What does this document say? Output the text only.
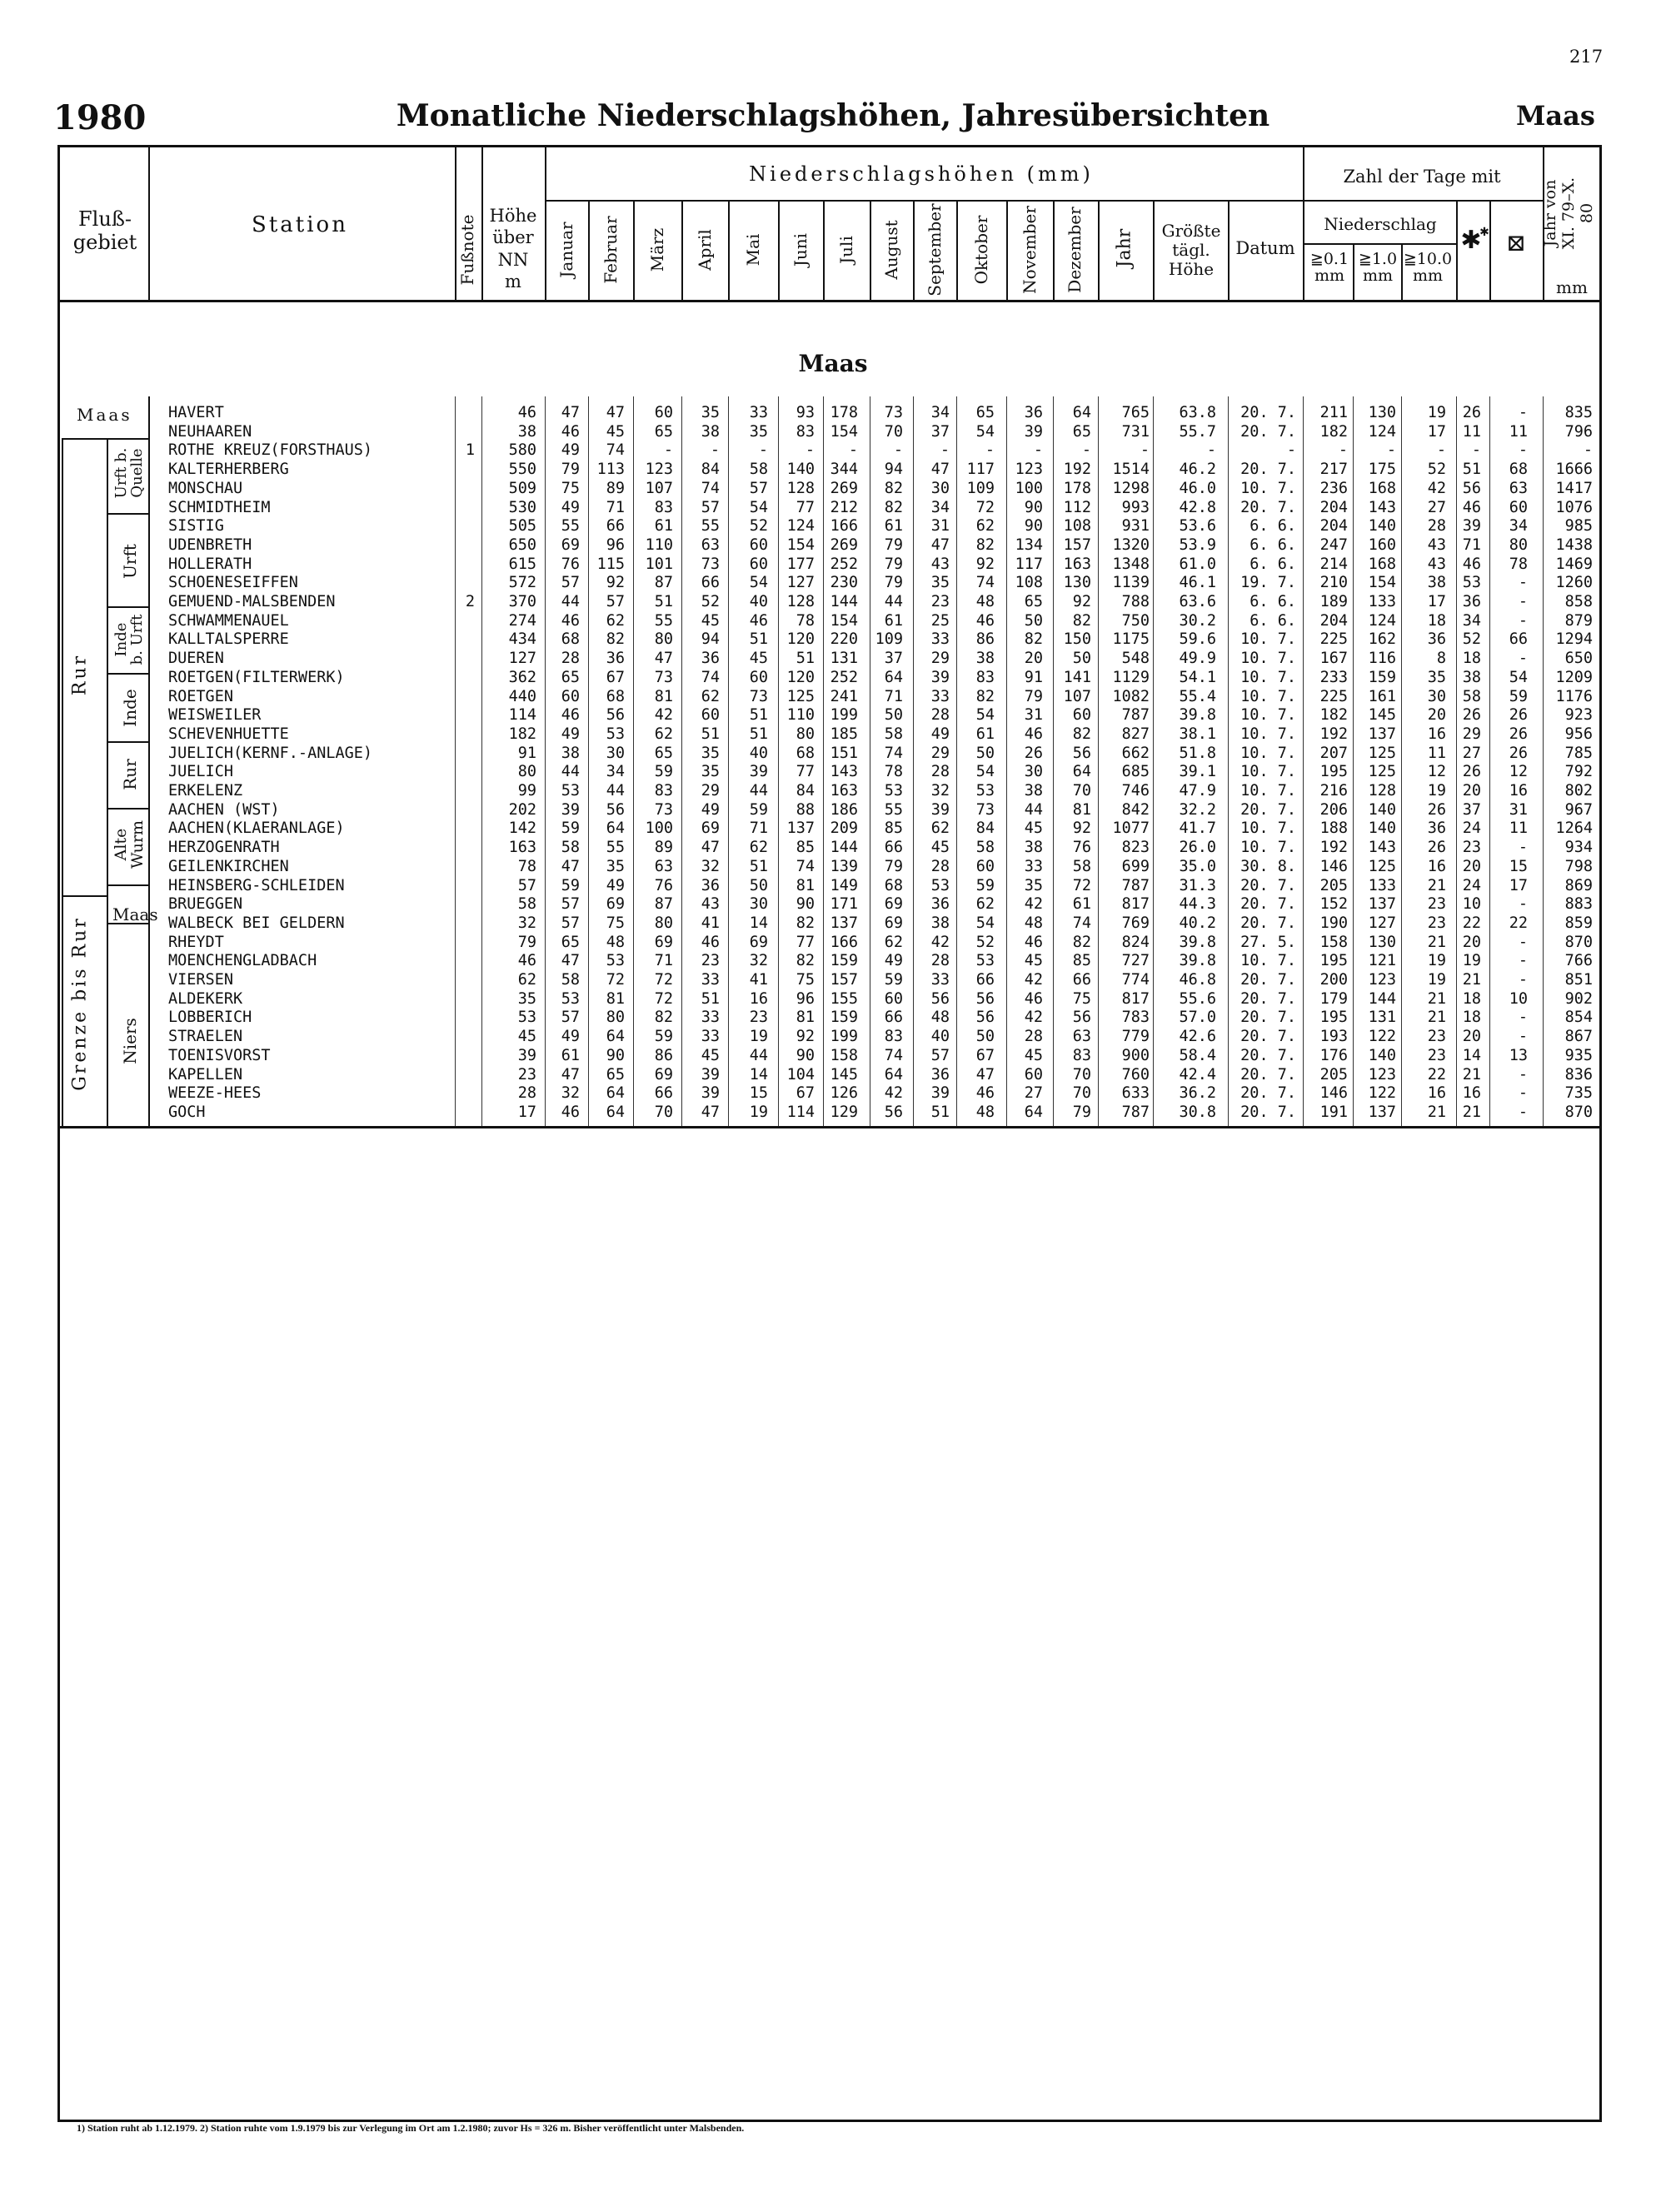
217
1980	Monatliche Niederschlagshöhen, Jahresübersichten	Maas
Fluß-
gebiet
Station	Fußnote Höhe
über
NN
m
Niederschlagshöhen (mm)
Januar Februar März April Mai Juni Juli August September Oktober November Dezember Jahr	Größte
tägl.
Höhe
Datum
Zahl der Tage mit
Niederschlag
≧0.1
mm
≧1.0
mm
≧10.0
mm
✱
✱ ⊠ Jahr von
XI. 79–X. 80
mm
Maas
Maas
Rur
Grenze bis Rur
Urft b.
Quelle
Urft
Inde
b. Urft
Inde
Rur
Alte
Wurm
Maas
Niers
HAVERT	46	47	47	60	35	33	93	178	73	34	65	36	64	765	63.8 20. 7.	211	130	19	26	-	835
NEUHAAREN	38	46	45	65	38	35	83	154	70	37	54	39	65	731	55.7 20. 7.	182	124	17	11	11	796
ROTHE KREUZ(FORSTHAUS)	1	580	49	74	-	-	-	-	-	-	-	-	-	-	-	-	-	-	-	-	-	-	-
KALTERHERBERG	550	79	113	123	84	58	140	344	94	47	117	123	192	1514	46.2 20. 7.	217	175	52	51	68	1666
MONSCHAU	509	75	89	107	74	57	128	269	82	30	109	100	178	1298	46.0 10. 7.	236	168	42	56	63	1417
SCHMIDTHEIM	530	49	71	83	57	54	77	212	82	34	72	90	112	993	42.8 20. 7.	204	143	27	46	60	1076
SISTIG	505	55	66	61	55	52	124	166	61	31	62	90	108	931	53.6	6. 6.	204	140	28	39	34	985
UDENBRETH	650	69	96	110	63	60	154	269	79	47	82	134	157	1320	53.9	6. 6.	247	160	43	71	80	1438
HOLLERATH	615	76	115	101	73	60	177	252	79	43	92	117	163	1348	61.0	6. 6.	214	168	43	46	78	1469
SCHOENESEIFFEN	572	57	92	87	66	54	127	230	79	35	74	108	130	1139	46.1 19. 7.	210	154	38	53	-	1260
GEMUEND-MALSBENDEN	2	370	44	57	51	52	40	128	144	44	23	48	65	92	788	63.6	6. 6.	189	133	17	36	-	858
SCHWAMMENAUEL	274	46	62	55	45	46	78	154	61	25	46	50	82	750	30.2	6. 6.	204	124	18	34	-	879
KALLTALSPERRE	434	68	82	80	94	51	120	220	109	33	86	82	150	1175	59.6 10. 7.	225	162	36	52	66	1294
DUEREN	127	28	36	47	36	45	51	131	37	29	38	20	50	548	49.9 10. 7.	167	116	8	18	-	650
ROETGEN(FILTERWERK)	362	65	67	73	74	60	120	252	64	39	83	91	141	1129	54.1 10. 7.	233	159	35	38	54	1209
ROETGEN	440	60	68	81	62	73	125	241	71	33	82	79	107	1082	55.4 10. 7.	225	161	30	58	59	1176
WEISWEILER	114	46	56	42	60	51	110	199	50	28	54	31	60	787	39.8 10. 7.	182	145	20	26	26	923
SCHEVENHUETTE	182	49	53	62	51	51	80	185	58	49	61	46	82	827	38.1 10. 7.	192	137	16	29	26	956
JUELICH(KERNF.-ANLAGE)	91	38	30	65	35	40	68	151	74	29	50	26	56	662	51.8 10. 7.	207	125	11	27	26	785
JUELICH	80	44	34	59	35	39	77	143	78	28	54	30	64	685	39.1 10. 7.	195	125	12	26	12	792
ERKELENZ	99	53	44	83	29	44	84	163	53	32	53	38	70	746	47.9 10. 7.	216	128	19	20	16	802
AACHEN (WST)	202	39	56	73	49	59	88	186	55	39	73	44	81	842	32.2 20. 7.	206	140	26	37	31	967
AACHEN(KLAERANLAGE)	142	59	64	100	69	71	137	209	85	62	84	45	92	1077	41.7 10. 7.	188	140	36	24	11	1264
HERZOGENRATH	163	58	55	89	47	62	85	144	66	45	58	38	76	823	26.0 10. 7.	192	143	26	23	-	934
GEILENKIRCHEN	78	47	35	63	32	51	74	139	79	28	60	33	58	699	35.0 30. 8.	146	125	16	20	15	798
HEINSBERG-SCHLEIDEN	57	59	49	76	36	50	81	149	68	53	59	35	72	787	31.3 20. 7.	205	133	21	24	17	869
BRUEGGEN	58	57	69	87	43	30	90	171	69	36	62	42	61	817	44.3 20. 7.	152	137	23	10	-	883
WALBECK BEI GELDERN	32	57	75	80	41	14	82	137	69	38	54	48	74	769	40.2 20. 7.	190	127	23	22	22	859
RHEYDT	79	65	48	69	46	69	77	166	62	42	52	46	82	824	39.8 27. 5.	158	130	21	20	-	870
MOENCHENGLADBACH	46	47	53	71	23	32	82	159	49	28	53	45	85	727	39.8 10. 7.	195	121	19	19	-	766
VIERSEN	62	58	72	72	33	41	75	157	59	33	66	42	66	774	46.8 20. 7.	200	123	19	21	-	851
ALDEKERK	35	53	81	72	51	16	96	155	60	56	56	46	75	817	55.6 20. 7.	179	144	21	18	10	902
LOBBERICH	53	57	80	82	33	23	81	159	66	48	56	42	56	783	57.0 20. 7.	195	131	21	18	-	854
STRAELEN	45	49	64	59	33	19	92	199	83	40	50	28	63	779	42.6 20. 7.	193	122	23	20	-	867
TOENISVORST	39	61	90	86	45	44	90	158	74	57	67	45	83	900	58.4 20. 7.	176	140	23	14	13	935
KAPELLEN	23	47	65	69	39	14	104	145	64	36	47	60	70	760	42.4 20. 7.	205	123	22	21	-	836
WEEZE-HEES	28	32	64	66	39	15	67	126	42	39	46	27	70	633	36.2 20. 7.	146	122	16	16	-	735
GOCH	17	46	64	70	47	19	114	129	56	51	48	64	79	787	30.8 20. 7.	191	137	21	21	-	870
1) Station ruht ab 1.12.1979. 2) Station ruhte vom 1.9.1979 bis zur Verlegung im Ort am 1.2.1980; zuvor Hs = 326 m. Bisher veröffentlicht unter Malsbenden.
